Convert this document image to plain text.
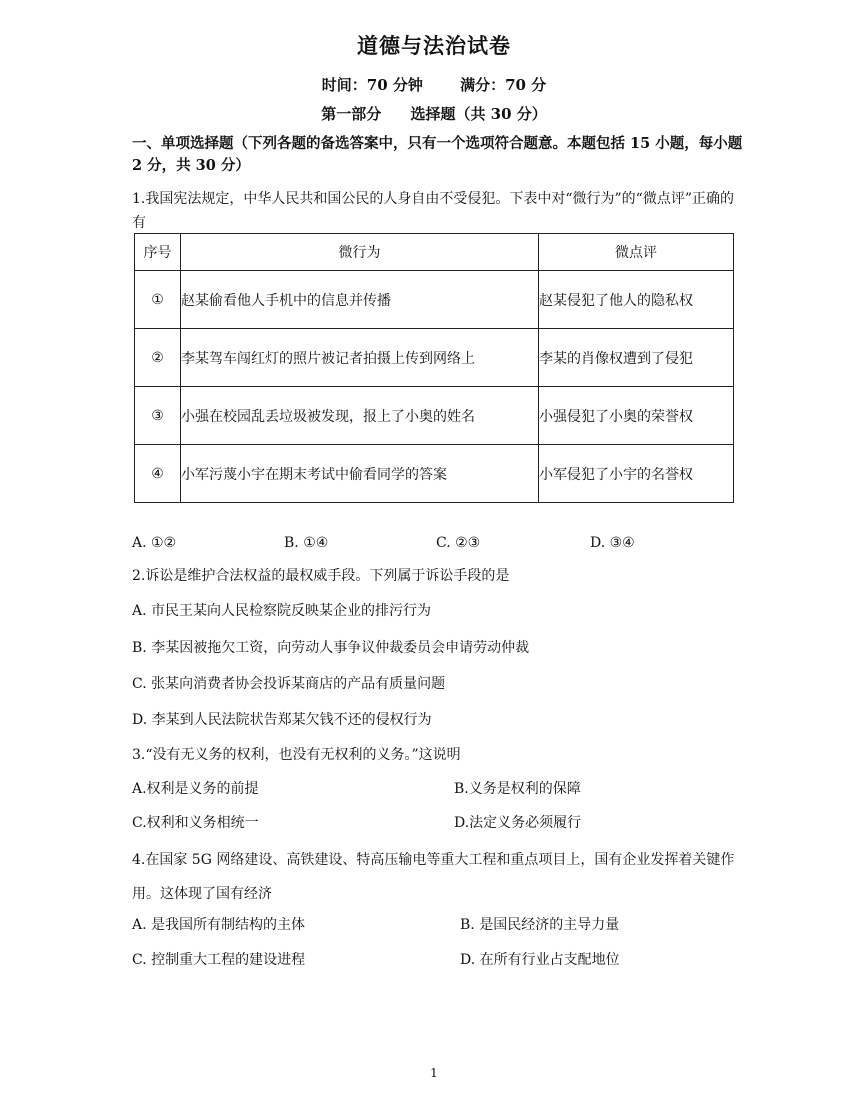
道德与法治试卷
时间：70 分钟 满分：70 分
第一部分 选择题（共 30 分）
一、单项选择题（下列各题的备选答案中，只有一个选项符合题意。本题包括 15 小题，每小题 2 分，共 30 分）
1.我国宪法规定，中华人民共和国公民的人身自由不受侵犯。下表中对“微行为”的“微点评”正确的有
序号	微行为	微点评
①	赵某偷看他人手机中的信息并传播	赵某侵犯了他人的隐私权
②	李某驾车闯红灯的照片被记者拍摄上传到网络上	李某的肖像权遭到了侵犯
③	小强在校园乱丢垃圾被发现，报上了小奥的姓名	小强侵犯了小奥的荣誉权
④	小军污蔑小宇在期末考试中偷看同学的答案	小军侵犯了小宇的名誉权
A. ①②	B. ①④	C. ②③	D. ③④
2.诉讼是维护合法权益的最权威手段。下列属于诉讼手段的是
A. 市民王某向人民检察院反映某企业的排污行为
B. 李某因被拖欠工资，向劳动人事争议仲裁委员会申请劳动仲裁
C. 张某向消费者协会投诉某商店的产品有质量问题
D. 李某到人民法院状告郑某欠钱不还的侵权行为
3.“没有无义务的权利，也没有无权利的义务。”这说明
A.权利是义务的前提	B.义务是权利的保障
C.权利和义务相统一	D.法定义务必须履行
4.在国家 5G 网络建设、高铁建设、特高压输电等重大工程和重点项目上，国有企业发挥着关键作用。这体现了国有经济
A. 是我国所有制结构的主体	B. 是国民经济的主导力量
C. 控制重大工程的建设进程	D. 在所有行业占支配地位
1
